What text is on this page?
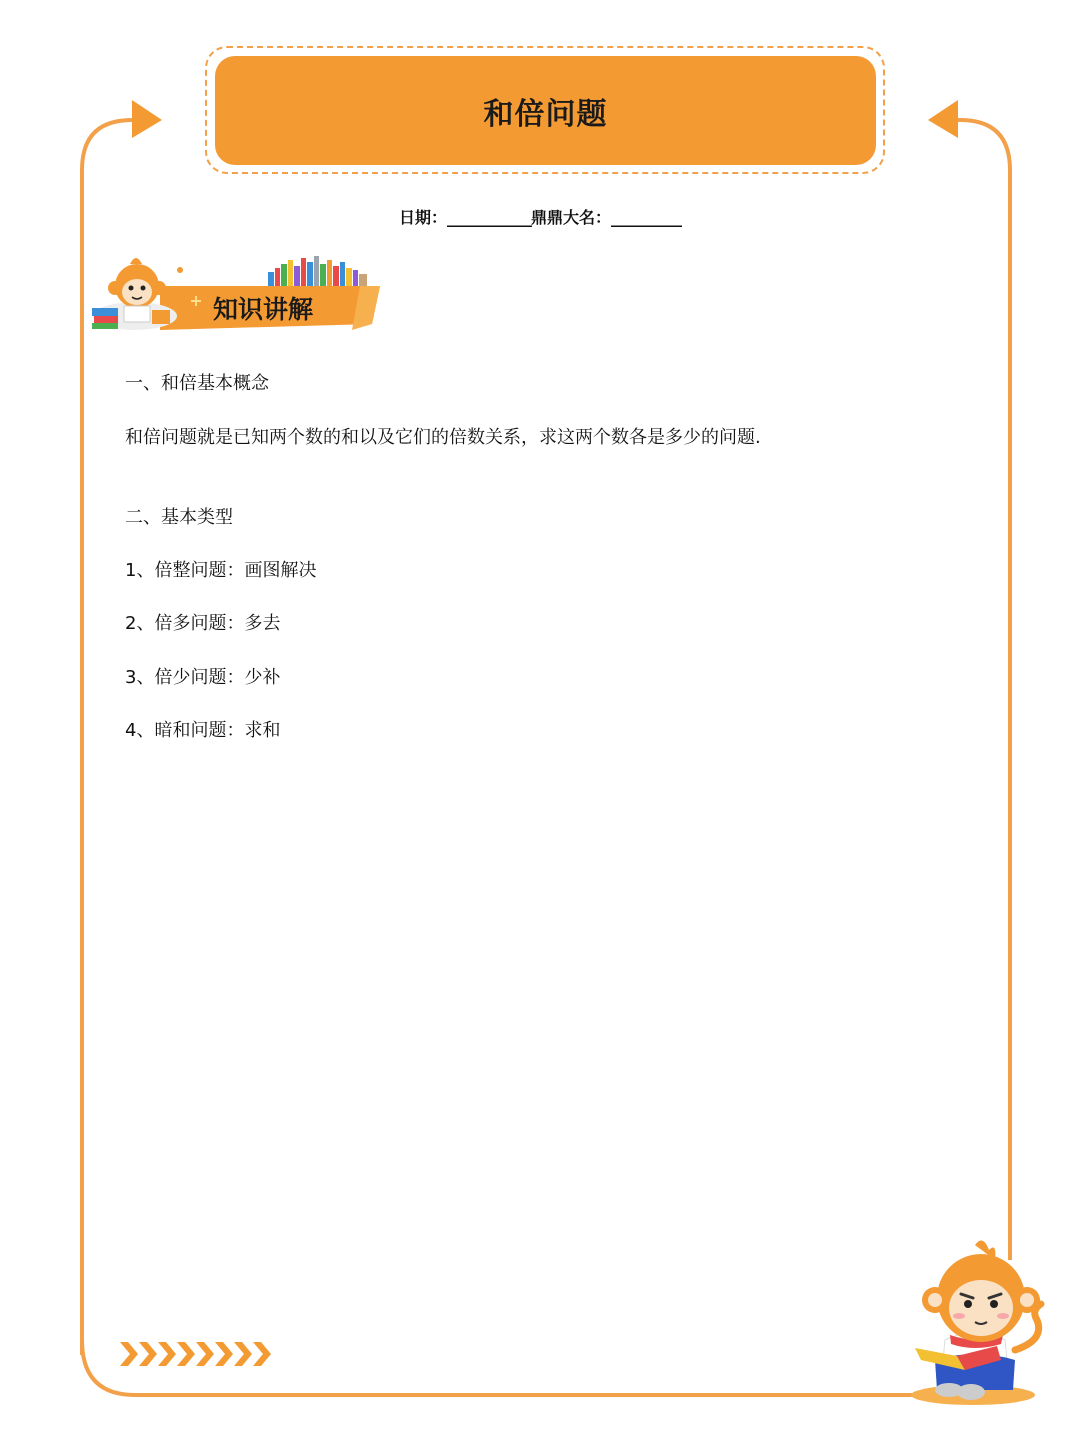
和倍问题
日期：____________鼎鼎大名：__________
知识讲解
一、和倍基本概念
和倍问题就是已知两个数的和以及它们的倍数关系，求这两个数各是多少的问题.
二、基本类型
1、倍整问题：画图解决
2、倍多问题：多去
3、倍少问题：少补
4、暗和问题：求和
